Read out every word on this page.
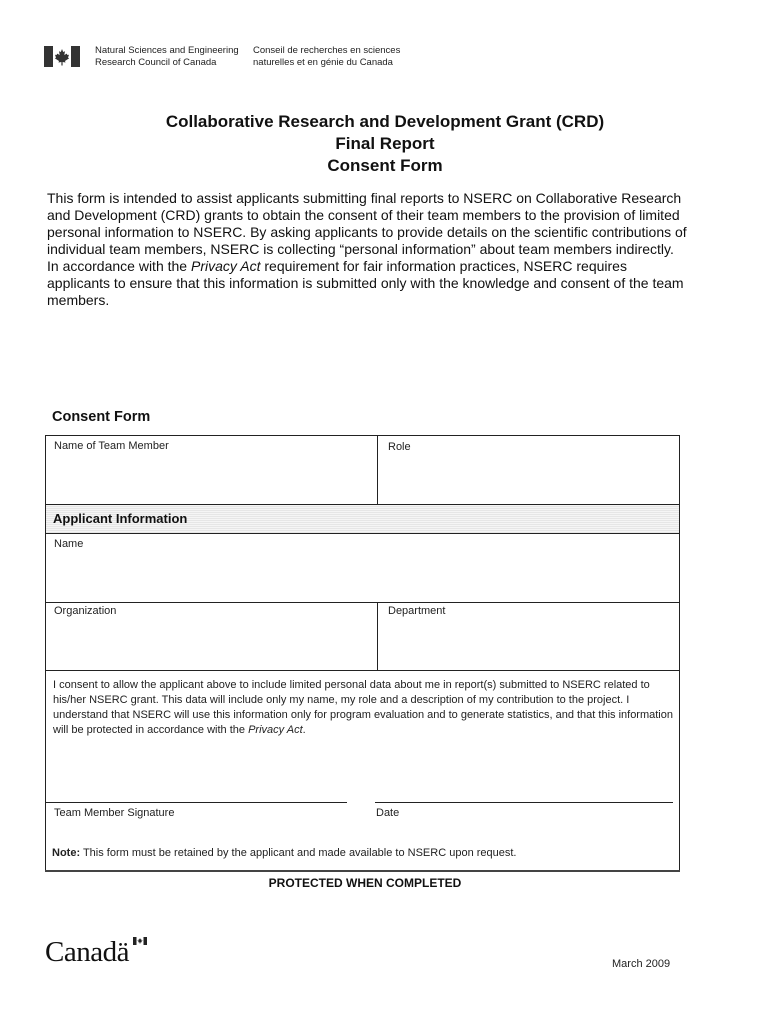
Natural Sciences and Engineering
Research Council of Canada
Conseil de recherches en sciences
naturelles et en génie du Canada
Collaborative Research and Development Grant (CRD)
Final Report
Consent Form
This form is intended to assist applicants submitting final reports to NSERC on Collaborative Research and Development (CRD) grants to obtain the consent of their team members to the provision of limited personal information to NSERC. By asking applicants to provide details on the scientific contributions of individual team members, NSERC is collecting “personal information” about team members indirectly. In accordance with the Privacy Act requirement for fair information practices, NSERC requires applicants to ensure that this information is submitted only with the knowledge and consent of the team members.
Consent Form
Name of Team Member	Role
Applicant Information
Name
Organization	Department
I consent to allow the applicant above to include limited personal data about me in report(s) submitted to NSERC related to his/her NSERC grant. This data will include only my name, my role and a description of my contribution to the project. I understand that NSERC will use this information only for program evaluation and to generate statistics, and that this information will be protected in accordance with the Privacy Act.
Team Member Signature	Date
Note: This form must be retained by the applicant and made available to NSERC upon request.
PROTECTED WHEN COMPLETED
Canadä	March 2009
